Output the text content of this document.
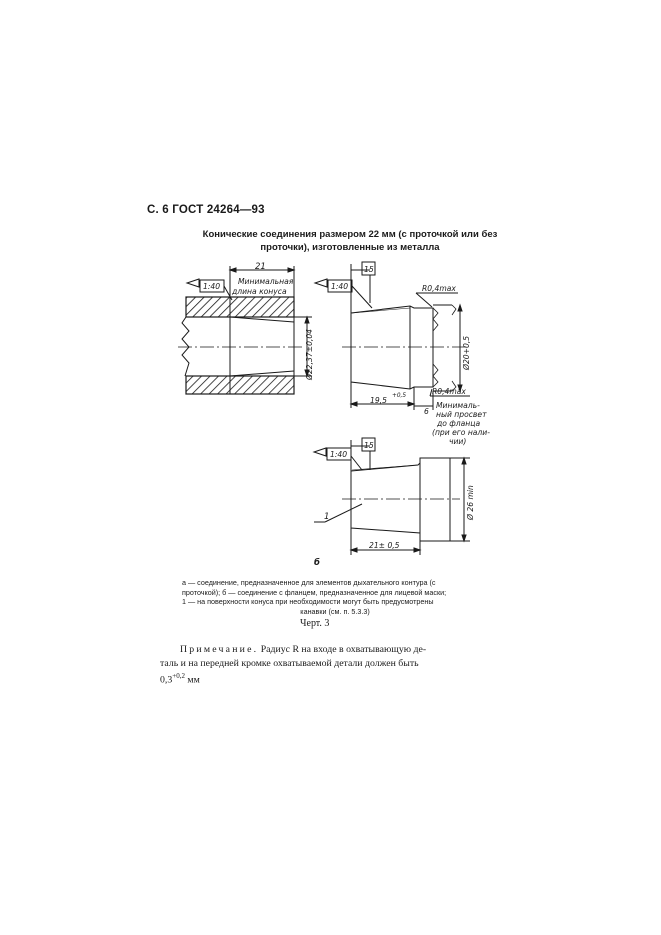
С. 6 ГОСТ 24264—93
Конические соединения размером 22 мм (с проточкой или без
проточки), изготовленные из металла
21
1:40
Минимальная
длина конуса
Ø22,37±0,04
1:40
15
R0,4max
Ø20+0,5
R0,4max
6
19,5 +0,5
Минималь-
ный просвет
до фланца
(при его нали-
чии)
1:40
15
Ø 26 min
1
21± 0,5
б
а — соединение, предназначенное для элементов дыхательного контура (с
проточкой); б — соединение с фланцем, предназначенное для лицевой маски;
1 — на поверхности конуса при необходимости могут быть предусмотрены
канавки (см. п. 5.3.3)
Черт. 3
Примечание. Радиус R на входе в охватывающую де-
таль и на передней кромке охватываемой детали должен быть
$0,3^{+0,2}$ мм
